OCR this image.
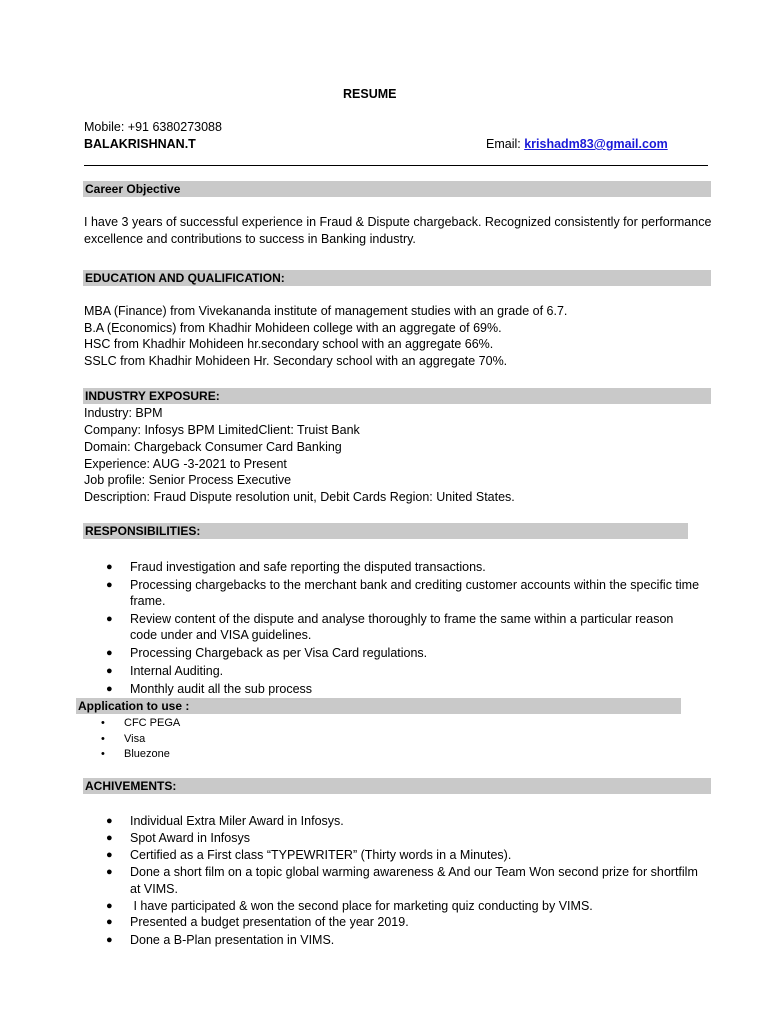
RESUME
Mobile: +91 6380273088
BALAKRISHNAN.T	Email: krishadm83@gmail.com
Career Objective
I have 3 years of successful experience in Fraud & Dispute chargeback. Recognized consistently for performance
excellence and contributions to success in Banking industry.
EDUCATION AND QUALIFICATION:
MBA (Finance) from Vivekananda institute of management studies with an grade of 6.7.
B.A (Economics) from Khadhir Mohideen college with an aggregate of 69%.
HSC from Khadhir Mohideen hr.secondary school with an aggregate 66%.
SSLC from Khadhir Mohideen Hr. Secondary school with an aggregate 70%.
INDUSTRY EXPOSURE:
Industry: BPM
Company: Infosys BPM LimitedClient: Truist Bank
Domain: Chargeback Consumer Card Banking
Experience: AUG -3-2021 to Present
Job profile: Senior Process Executive
Description: Fraud Dispute resolution unit, Debit Cards Region: United States.
RESPONSIBILITIES:
● Fraud investigation and safe reporting the disputed transactions.
● Processing chargebacks to the merchant bank and crediting customer accounts within the specific time
frame.
● Review content of the dispute and analyse thoroughly to frame the same within a particular reason
code under and VISA guidelines.
● Processing Chargeback as per Visa Card regulations.
● Internal Auditing.
● Monthly audit all the sub process
Application to use :
• CFC PEGA
• Visa
• Bluezone
ACHIVEMENTS:
● Individual Extra Miler Award in Infosys.
● Spot Award in Infosys
● Certified as a First class “TYPEWRITER” (Thirty words in a Minutes).
● Done a short film on a topic global warming awareness & And our Team Won second prize for shortfilm
at VIMS.
● I have participated & won the second place for marketing quiz conducting by VIMS.
● Presented a budget presentation of the year 2019.
● Done a B-Plan presentation in VIMS.
